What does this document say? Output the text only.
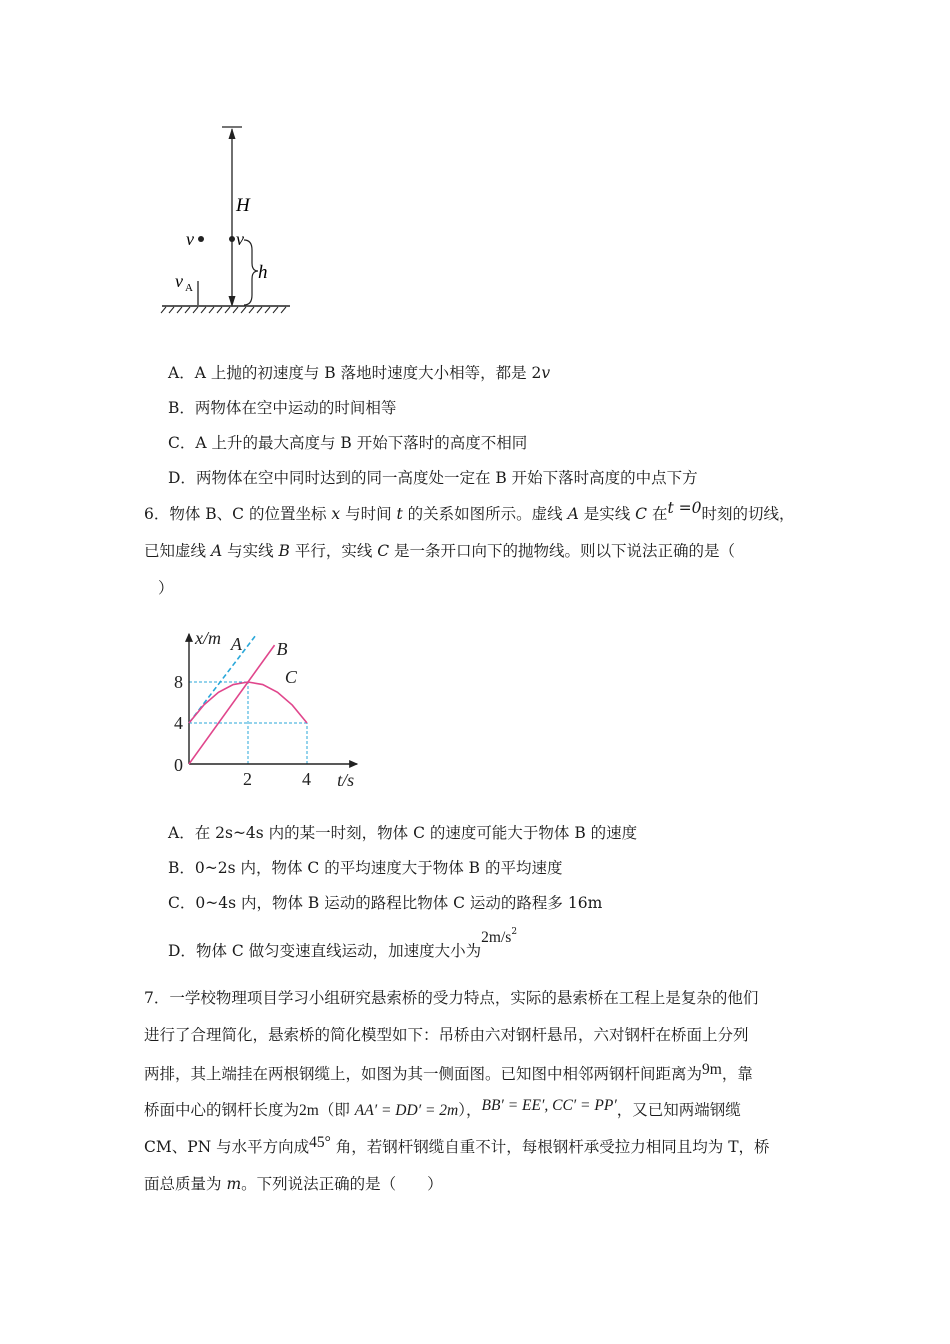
H
h
v v
v A
A．A 上抛的初速度与 B 落地时速度大小相等，都是 2v
B．两物体在空中运动的时间相等
C．A 上升的最大高度与 B 开始下落时的高度不相同
D．两物体在空中同时达到的同一高度处一定在 B 开始下落时高度的中点下方
6．物体 B、C 的位置坐标 x 与时间 t 的关系如图所示。虚线 A 是实线 C 在t =0时刻的切线，
已知虚线 A 与实线 B 平行，实线 C 是一条开口向下的抛物线。则以下说法正确的是（
）
A B
C
4
8
2	4
0
x/m
t/s
A．在 2s~4s 内的某一时刻，物体 C 的速度可能大于物体 B 的速度
B．0~2s 内，物体 C 的平均速度大于物体 B 的平均速度
C．0~4s 内，物体 B 运动的路程比物体 C 运动的路程多 16m
D．物体 C 做匀变速直线运动，加速度大小为$2m/s^2$
7．一学校物理项目学习小组研究悬索桥的受力特点，实际的悬索桥在工程上是复杂的他们
进行了合理简化，悬索桥的简化模型如下：吊桥由六对钢杆悬吊，六对钢杆在桥面上分列
两排，其上端挂在两根钢缆上，如图为其一侧面图。已知图中相邻两钢杆间距离为9m，靠
桥面中心的钢杆长度为2m（即 AA′ = DD′ = 2m），BB′ = EE′, CC′ = PP′，又已知两端钢缆
CM、PN 与水平方向成45° 角，若钢杆钢缆自重不计，每根钢杆承受拉力相同且均为 T，桥
面总质量为 m。下列说法正确的是（　　）
